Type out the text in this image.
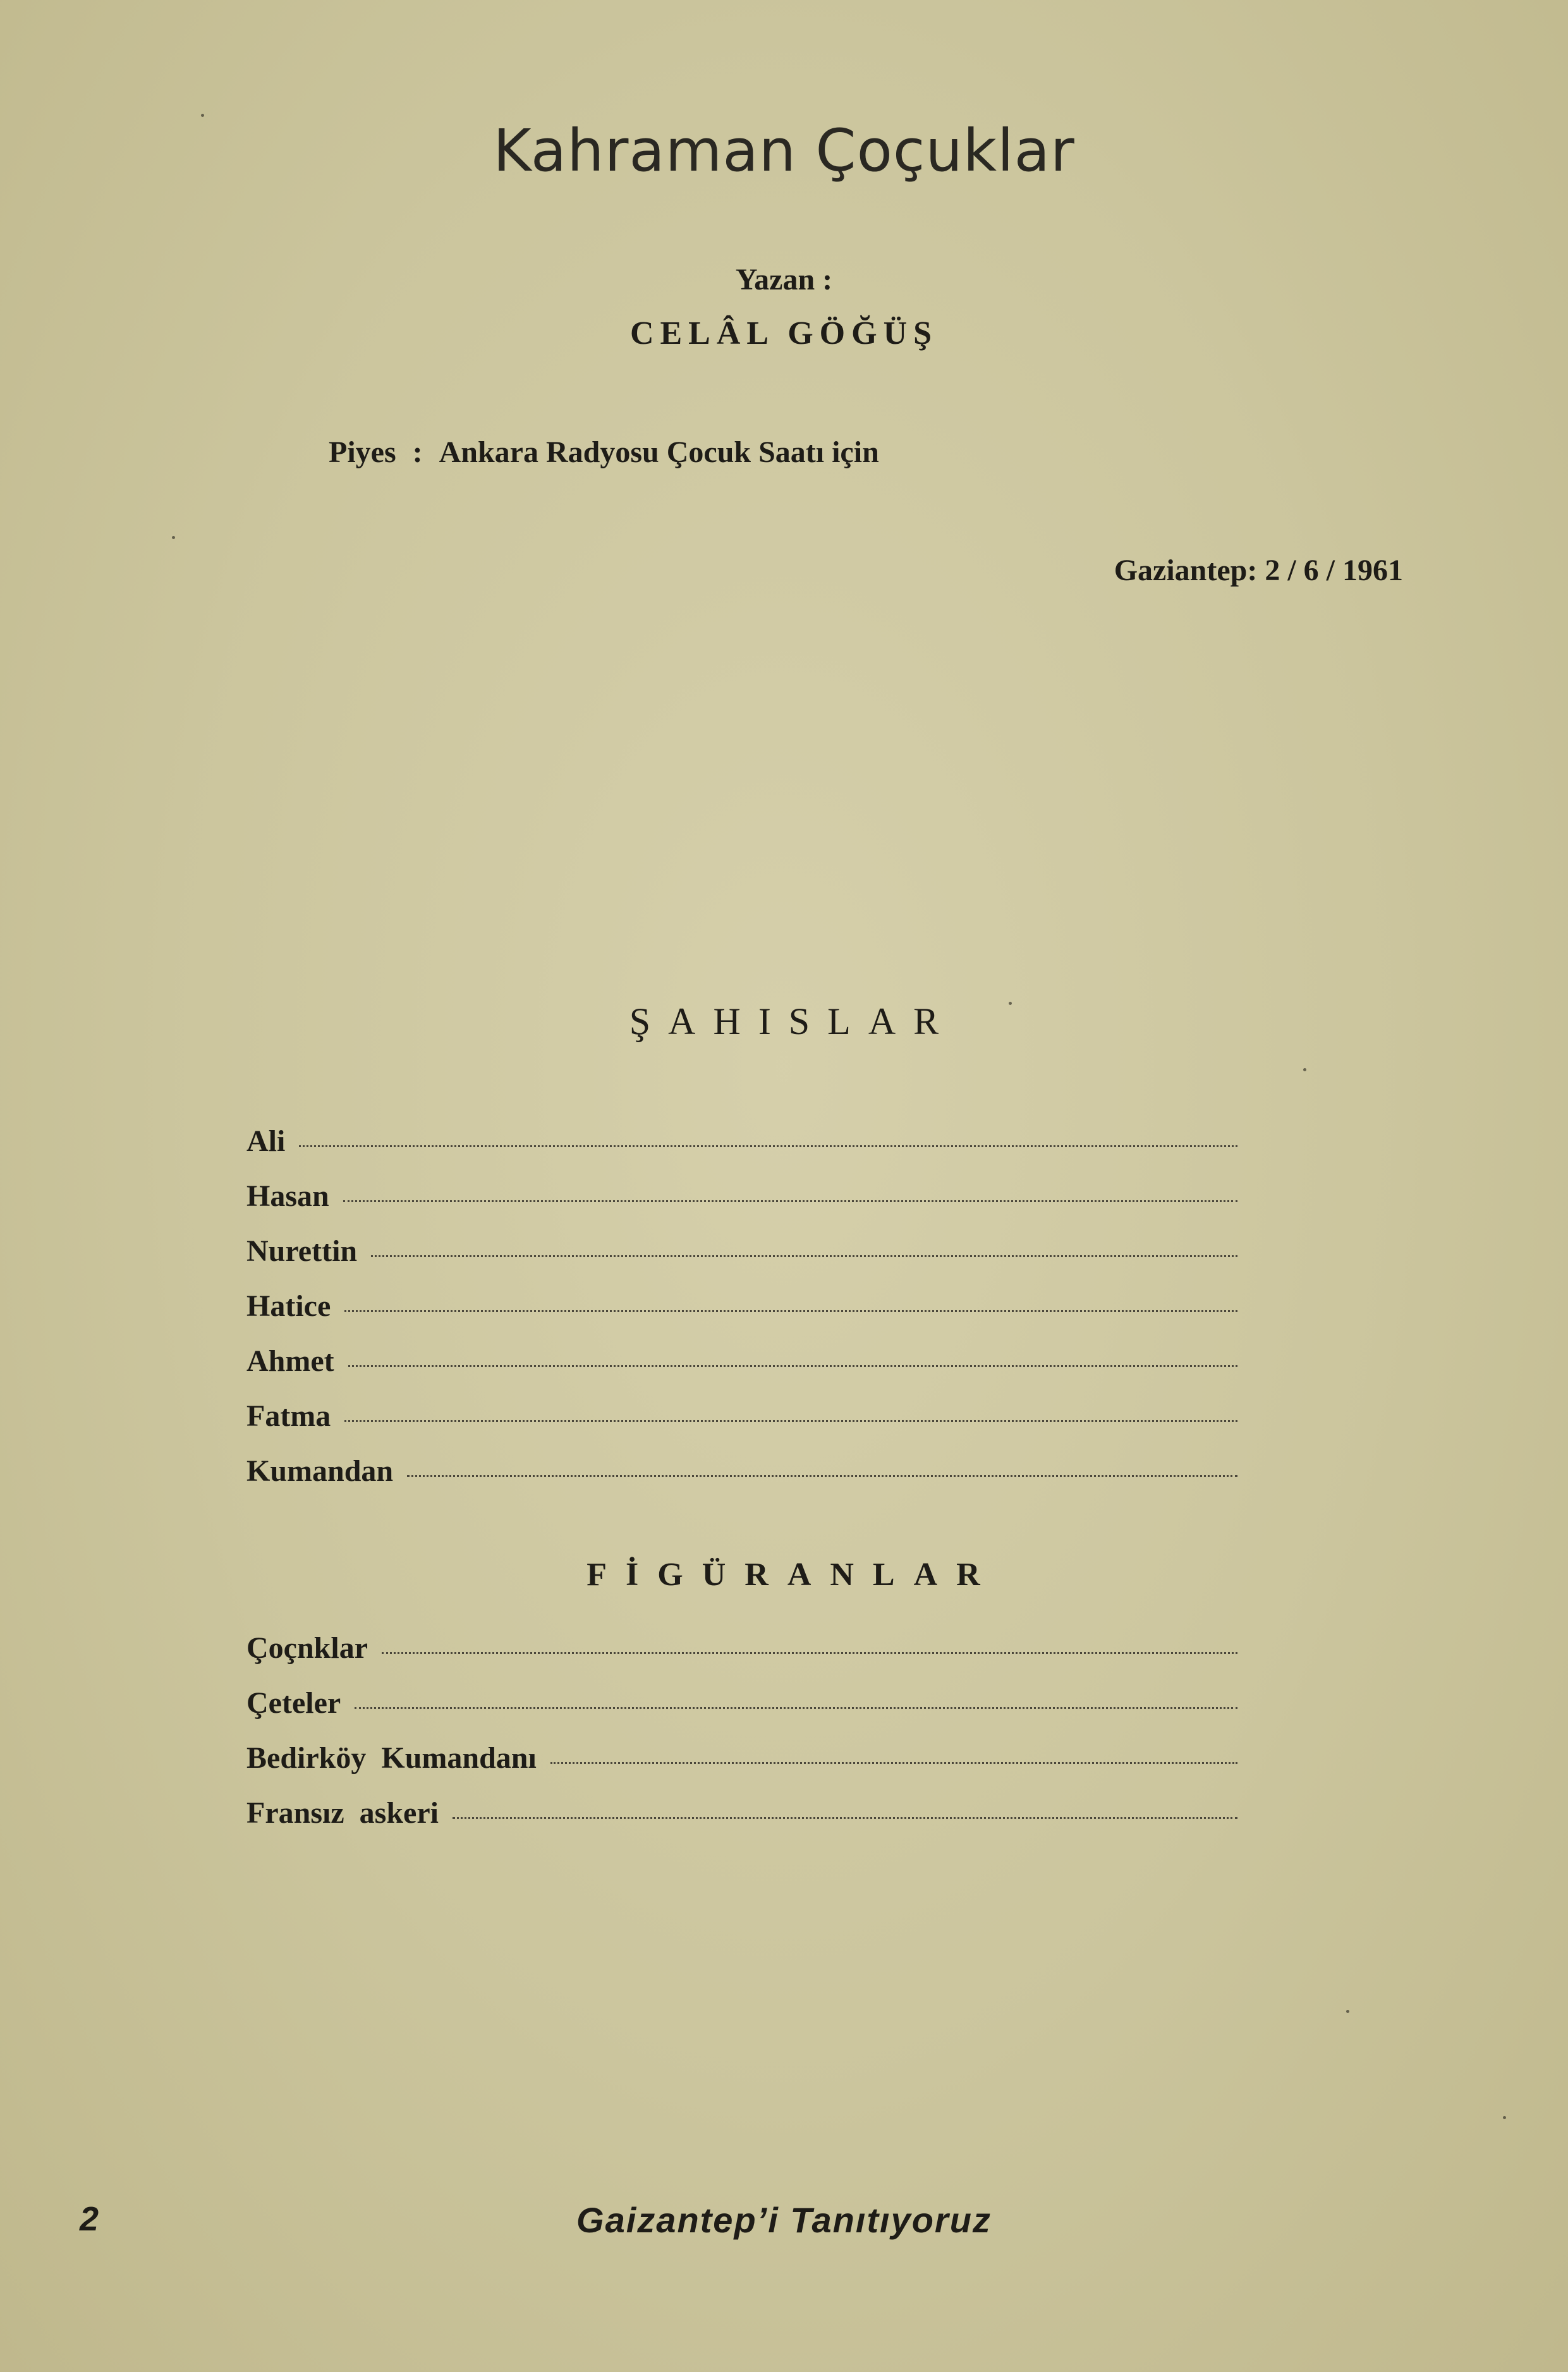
Kahraman Çoçuklar
Yazan :
CELÂL GÖĞÜŞ
Piyes : Ankara Radyosu Çocuk Saatı için
Gaziantep: 2 / 6 / 1961
ŞAHISLAR
Ali
Hasan
Nurettin
Hatice
Ahmet
Fatma
Kumandan
FİGÜRANLAR
Çoçnklar
Çeteler
Bedirköy  Kumandanı
Fransız  askeri
2	Gaizantep’i Tanıtıyoruz
